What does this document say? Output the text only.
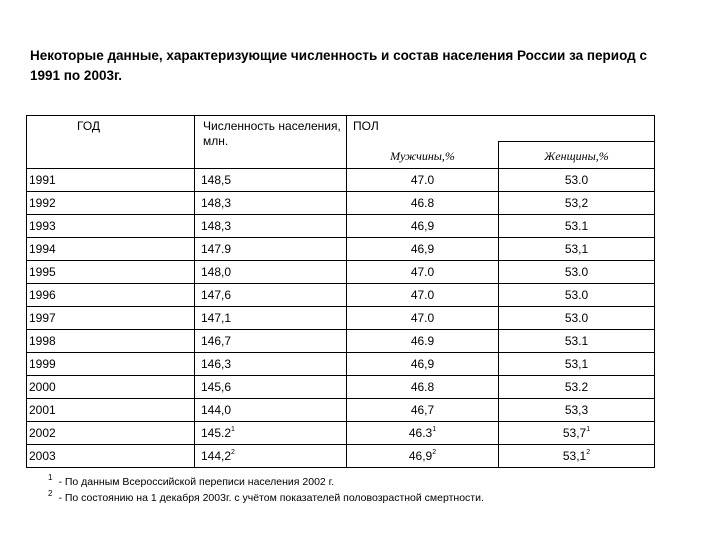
Некоторые данные, характеризующие численность и состав населения России за период с 1991 по 2003г.
ГОД	Численность населения, млн.	ПОЛ	
		Мужчины,%	Женщины,%
1991	148,5	47.0	53.0
1992	148,3	46.8	53,2
1993	148,3	46,9	53.1
1994	147.9	46,9	53,1
1995	148,0	47.0	53.0
1996	147,6	47.0	53.0
1997	147,1	47.0	53.0
1998	146,7	46.9	53.1
1999	146,3	46,9	53,1
2000	145,6	46.8	53.2
2001	144,0	46,7	53,3
2002	145.2$^1$	46.3$^1$	53,7$^1$
2003	144,2$^2$	46,9$^2$	53,1$^2$
$^1$ - По данным Всероссийской переписи населения 2002 г.
$^2$ - По состоянию на 1 декабря 2003г. с учётом показателей половозрастной смертности.
